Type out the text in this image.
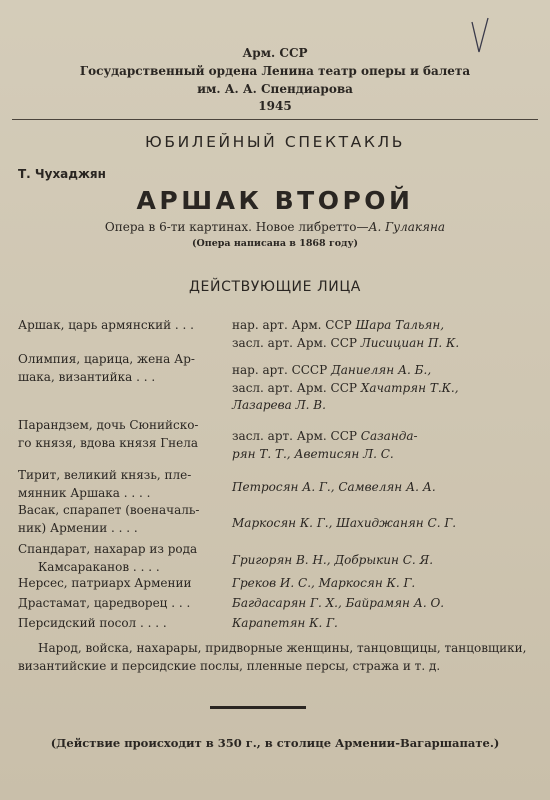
Арм. ССР
Государственный ордена Ленина театр оперы и балета
им. А. А. Спендиарова
1945
ЮБИЛЕЙНЫЙ СПЕКТАКЛЬ
Т. Чухаджян
АРШАК ВТОРОЙ
Опера в 6-ти картинах. Новое либретто—А. Гулакяна
(Опера написана в 1868 году)
ДЕЙСТВУЮЩИЕ ЛИЦА
Аршак, царь армянский . . .	нар. арт. Арм. ССР Шара Тальян,
засл. арт. Арм. ССР Лисициан П. К.
Олимпия, царица, жена Ар-
шака, византийка . . .	нар. арт. СССР Даниелян А. Б.,
засл. арт. Арм. ССР Хачатрян Т.К.,
Лазарева Л. В.
Парандзем, дочь Сюнийско-
го князя, вдова князя Гнела	засл. арт. Арм. ССР Сазанда-
рян Т. Т., Аветисян Л. С.
Тирит, великий князь, пле-
мянник Аршака . . . .	Петросян А. Г., Самвелян А. А.
Васак, спарапет (военачаль-
ник) Армении . . . .	Маркосян К. Г., Шахиджанян С. Г.
Спандарат, нахарар из рода
Камсараканов . . . .	Григорян В. Н., Добрыкин С. Я.
Нерсес, патриарх Армении	Греков И. С., Маркосян К. Г.
Драстамат, царедворец . . .	Багдасарян Г. Х., Байрамян А. О.
Персидский посол . . . .	Карапетян К. Г.
Народ, войска, нахарары, придворные женщины, танцовщицы, танцовщики, византийские и персидские послы, пленные персы, стража и т. д.
(Действие происходит в 350 г., в столице Армении-Вагаршапате.)
